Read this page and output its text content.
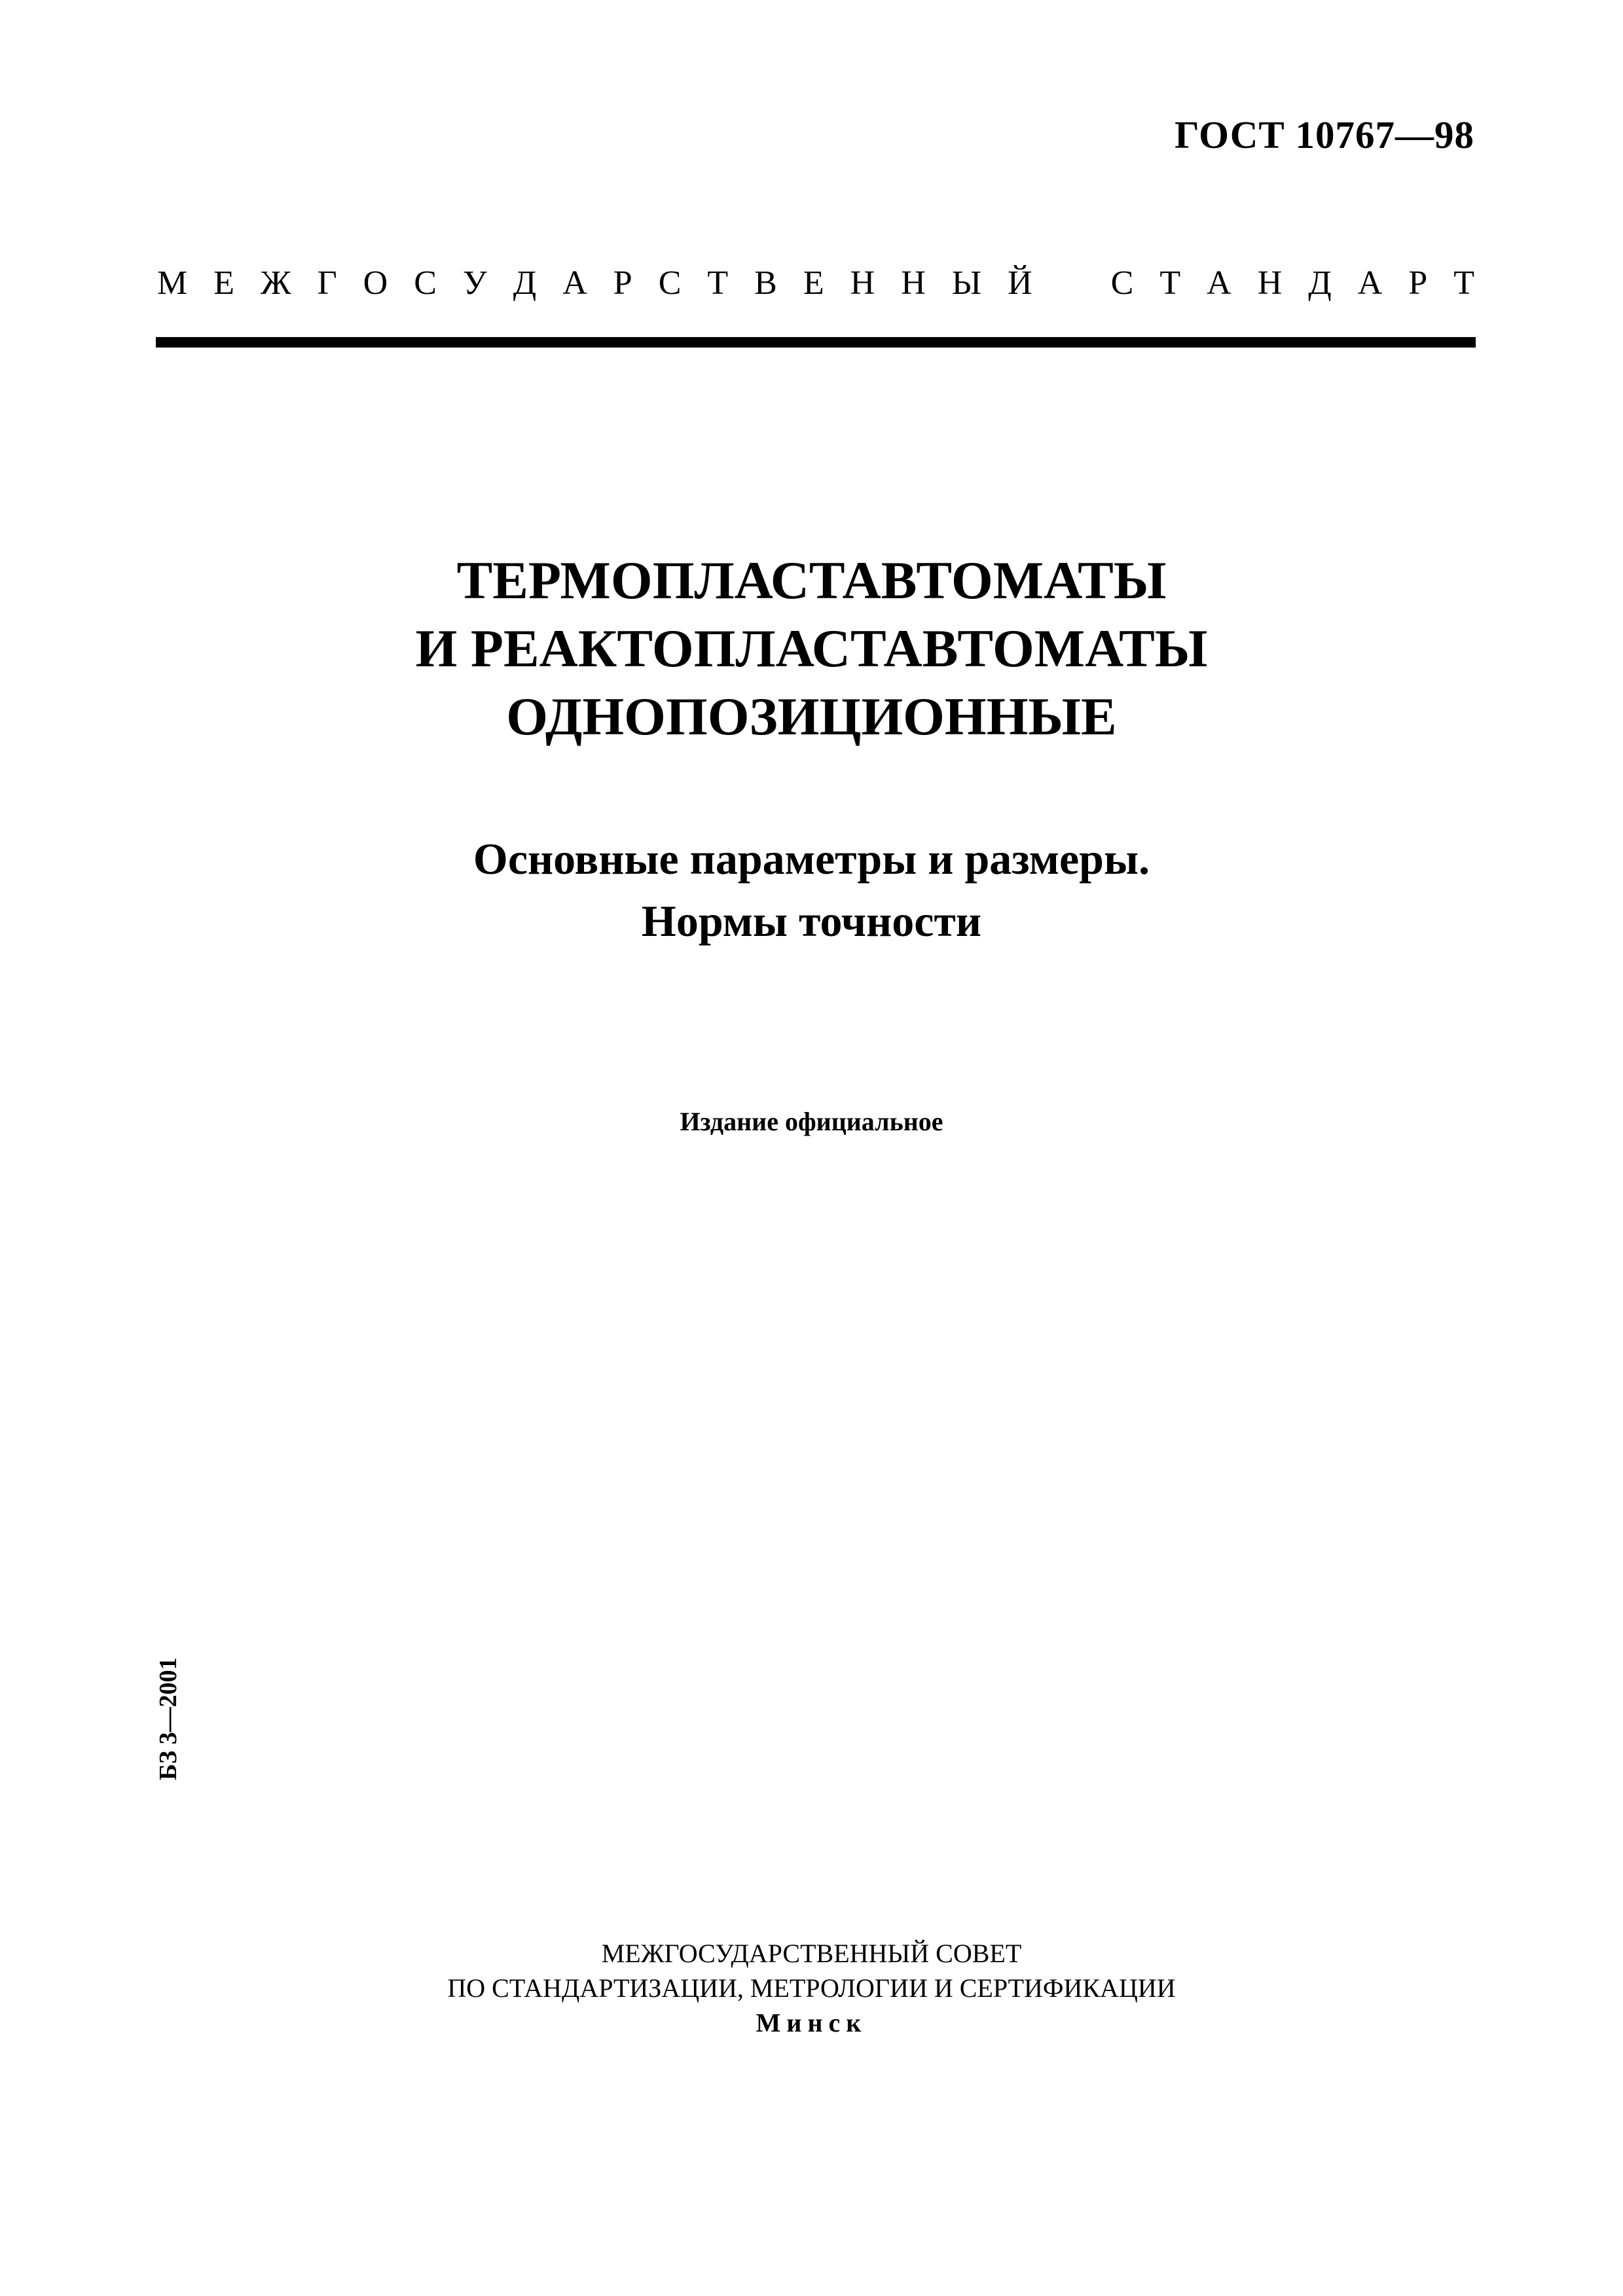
ГОСТ 10767—98
М Е Ж Г О С У Д А Р С Т В Е Н Н Ы Й
С Т А Н Д А Р Т
ТЕРМОПЛАСТАВТОМАТЫ
И РЕАКТОПЛАСТАВТОМАТЫ
ОДНОПОЗИЦИОННЫЕ
Основные параметры и размеры.
Нормы точности
Издание официальное
БЗ 3—2001
МЕЖГОСУДАРСТВЕННЫЙ СОВЕТ
ПО СТАНДАРТИЗАЦИИ, МЕТРОЛОГИИ И СЕРТИФИКАЦИИ
Минск
